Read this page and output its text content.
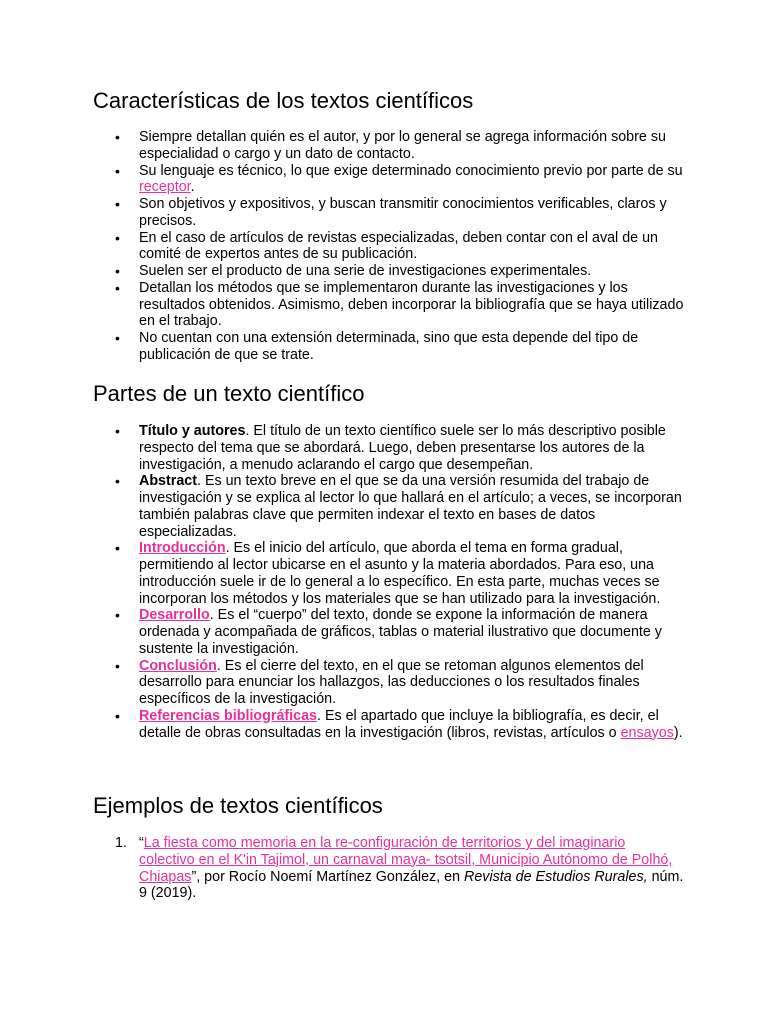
Características de los textos científicos
• Siempre detallan quién es el autor, y por lo general se agrega información sobre su especialidad o cargo y un dato de contacto.
• Su lenguaje es técnico, lo que exige determinado conocimiento previo por parte de su receptor.
• Son objetivos y expositivos, y buscan transmitir conocimientos verificables, claros y precisos.
• En el caso de artículos de revistas especializadas, deben contar con el aval de un comité de expertos antes de su publicación.
• Suelen ser el producto de una serie de investigaciones experimentales.
• Detallan los métodos que se implementaron durante las investigaciones y los resultados obtenidos. Asimismo, deben incorporar la bibliografía que se haya utilizado en el trabajo.
• No cuentan con una extensión determinada, sino que esta depende del tipo de publicación de que se trate.
Partes de un texto científico
• Título y autores. El título de un texto científico suele ser lo más descriptivo posible respecto del tema que se abordará. Luego, deben presentarse los autores de la investigación, a menudo aclarando el cargo que desempeñan.
• Abstract. Es un texto breve en el que se da una versión resumida del trabajo de investigación y se explica al lector lo que hallará en el artículo; a veces, se incorporan también palabras clave que permiten indexar el texto en bases de datos especializadas.
• Introducción. Es el inicio del artículo, que aborda el tema en forma gradual, permitiendo al lector ubicarse en el asunto y la materia abordados. Para eso, una introducción suele ir de lo general a lo específico. En esta parte, muchas veces se incorporan los métodos y los materiales que se han utilizado para la investigación.
• Desarrollo. Es el “cuerpo” del texto, donde se expone la información de manera ordenada y acompañada de gráficos, tablas o material ilustrativo que documente y sustente la investigación.
• Conclusión. Es el cierre del texto, en el que se retoman algunos elementos del desarrollo para enunciar los hallazgos, las deducciones o los resultados finales específicos de la investigación.
• Referencias bibliográficas. Es el apartado que incluye la bibliografía, es decir, el detalle de obras consultadas en la investigación (libros, revistas, artículos o ensayos).
Ejemplos de textos científicos
1. “La fiesta como memoria en la re-configuración de territorios y del imaginario colectivo en el K'in Tajimol, un carnaval maya- tsotsil, Municipio Autónomo de Polhó, Chiapas”, por Rocío Noemí Martínez González, en Revista de Estudios Rurales, núm. 9 (2019).
